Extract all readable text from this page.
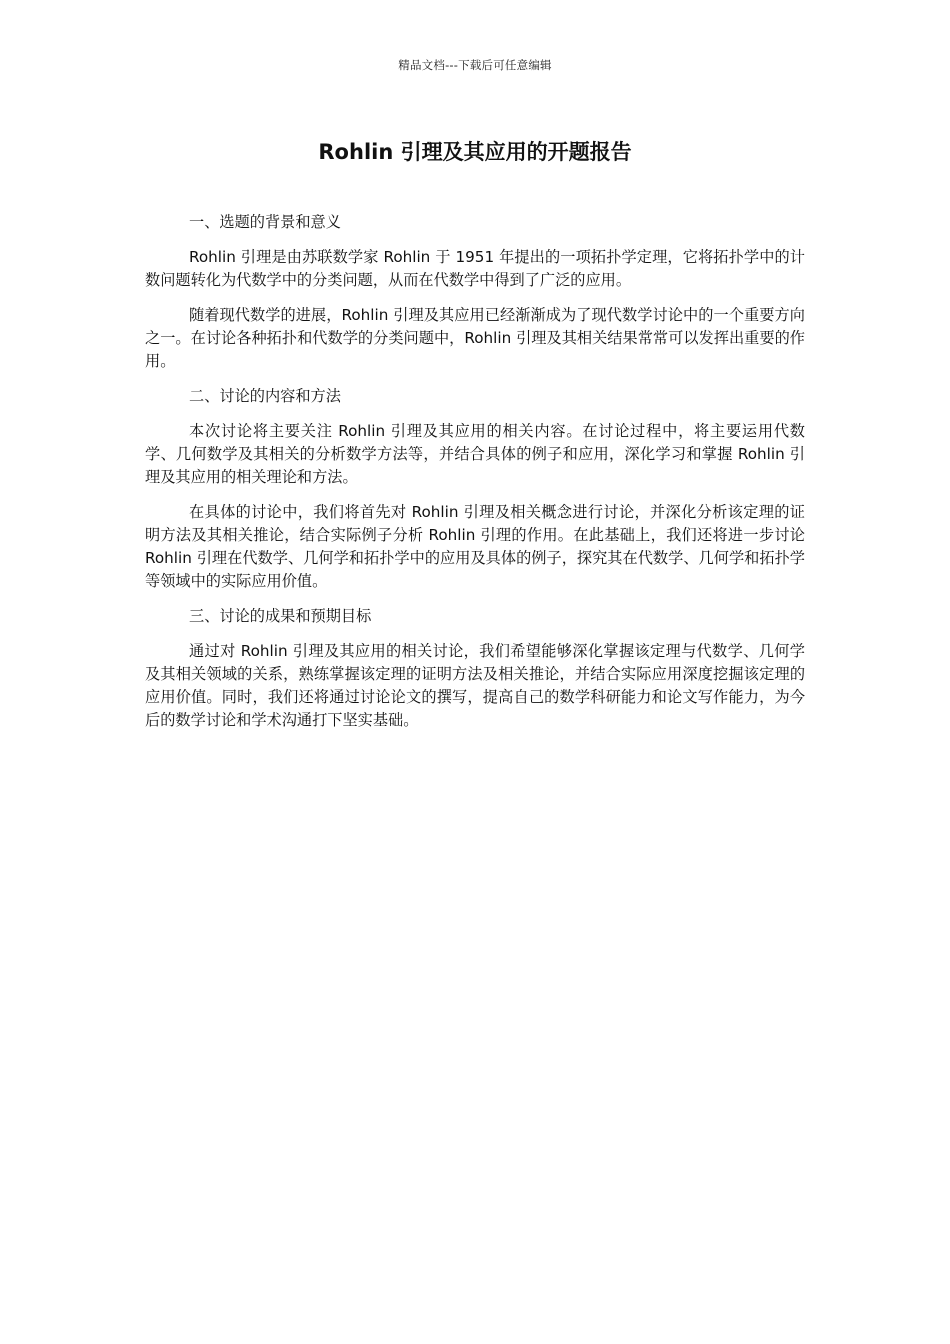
精品文档---下载后可任意编辑
Rohlin 引理及其应用的开题报告

一、选题的背景和意义

Rohlin 引理是由苏联数学家 Rohlin 于 1951 年提出的一项拓扑学定理，它将拓扑学中的计数问题转化为代数学中的分类问题，从而在代数学中得到了广泛的应用。

随着现代数学的进展，Rohlin 引理及其应用已经渐渐成为了现代数学讨论中的一个重要方向之一。在讨论各种拓扑和代数学的分类问题中，Rohlin 引理及其相关结果常常可以发挥出重要的作用。

二、讨论的内容和方法

本次讨论将主要关注 Rohlin 引理及其应用的相关内容。在讨论过程中，将主要运用代数学、几何数学及其相关的分析数学方法等，并结合具体的例子和应用，深化学习和掌握 Rohlin 引理及其应用的相关理论和方法。

在具体的讨论中，我们将首先对 Rohlin 引理及相关概念进行讨论，并深化分析该定理的证明方法及其相关推论，结合实际例子分析 Rohlin 引理的作用。在此基础上，我们还将进一步讨论 Rohlin 引理在代数学、几何学和拓扑学中的应用及具体的例子，探究其在代数学、几何学和拓扑学等领域中的实际应用价值。

三、讨论的成果和预期目标

通过对 Rohlin 引理及其应用的相关讨论，我们希望能够深化掌握该定理与代数学、几何学及其相关领域的关系，熟练掌握该定理的证明方法及相关推论，并结合实际应用深度挖掘该定理的应用价值。同时，我们还将通过讨论论文的撰写，提高自己的数学科研能力和论文写作能力，为今后的数学讨论和学术沟通打下坚实基础。
